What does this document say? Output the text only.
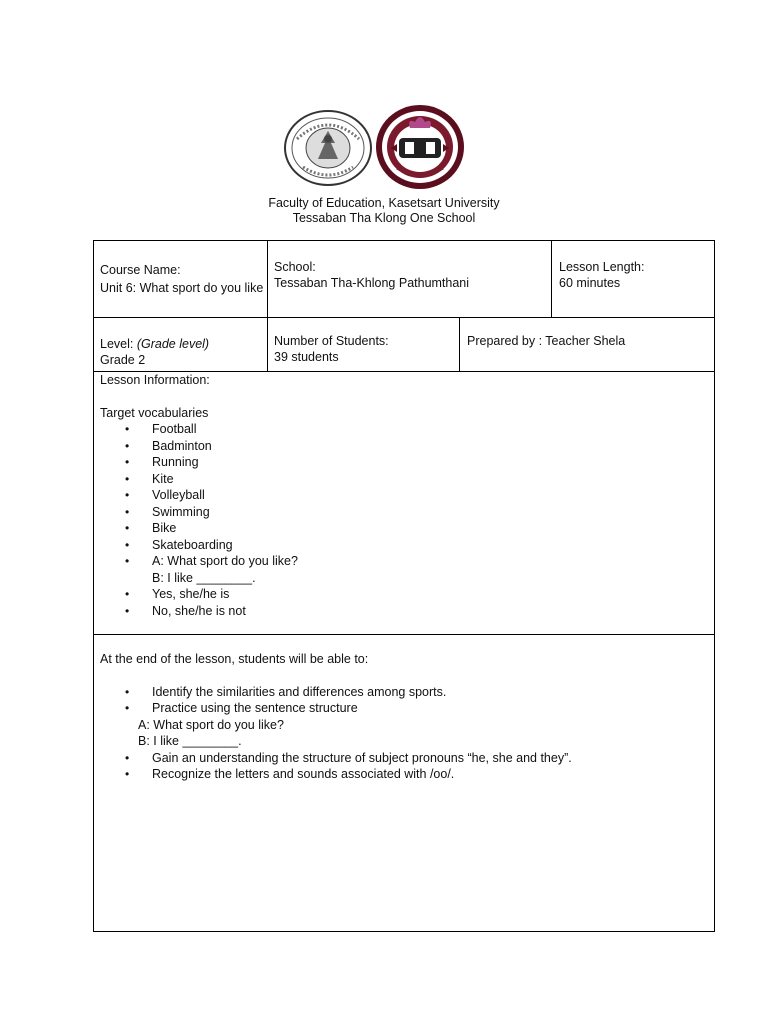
Faculty of Education, Kasetsart University
Tessaban Tha Klong One School
Course Name:
Unit 6: What sport do you like
School:
Tessaban Tha-Khlong Pathumthani
Lesson Length:
60 minutes
Level: (Grade level)
Grade 2
Number of Students:
39 students
Prepared by : Teacher Shela
Lesson Information:
Target vocabularies
• Football
• Badminton
• Running
• Kite
• Volleyball
• Swimming
• Bike
• Skateboarding
• A: What sport do you like?
B: I like ________.
• Yes, she/he is
• No, she/he is not
At the end of the lesson, students will be able to:
• Identify the similarities and differences among sports.
• Practice using the sentence structure
A: What sport do you like?
B: I like ________.
• Gain an understanding the structure of subject pronouns “he, she and they”.
• Recognize the letters and sounds associated with /oo/.
